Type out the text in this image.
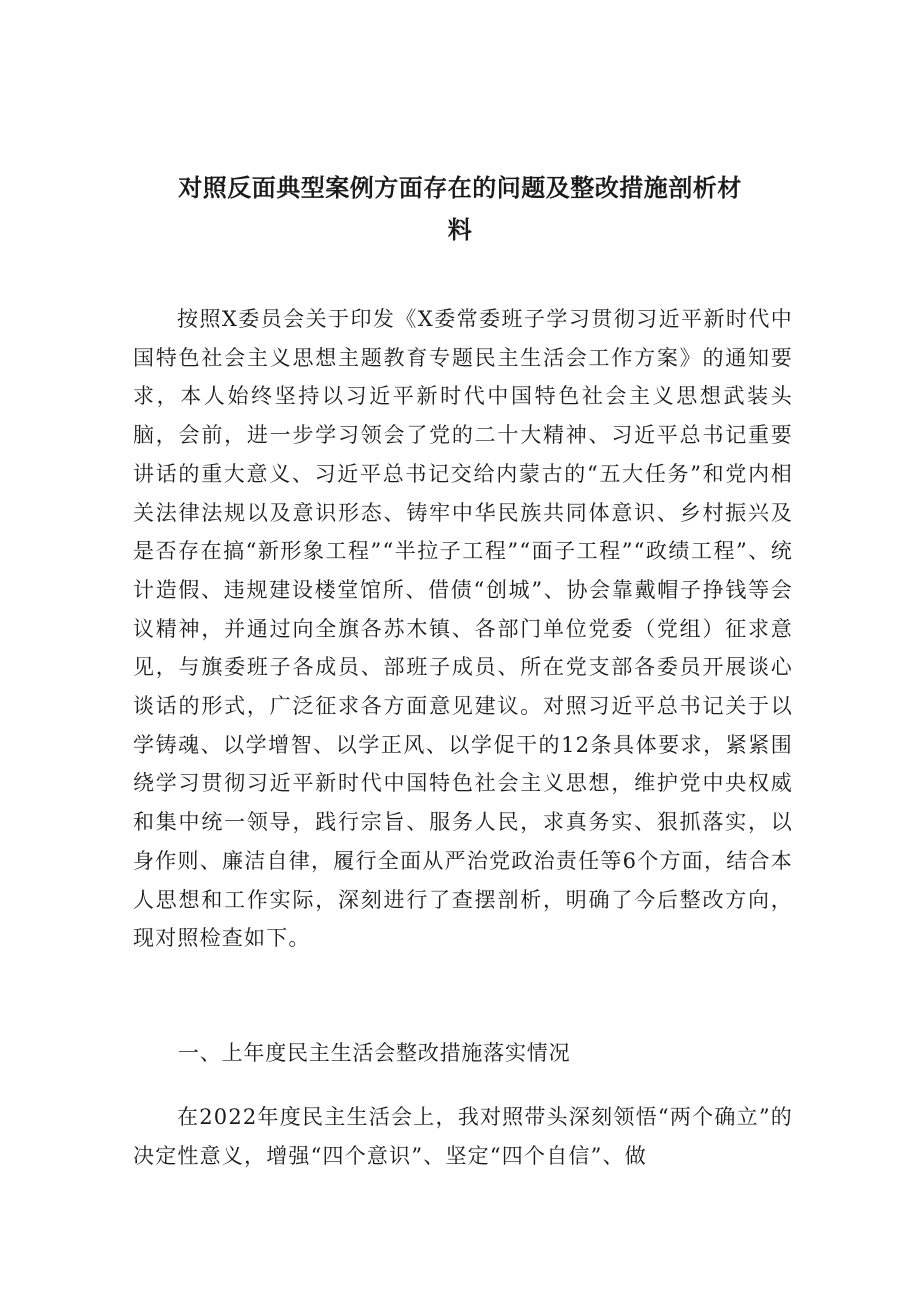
对照反面典型案例方面存在的问题及整改措施剖析材
料

按照X委员会关于印发《X委常委班子学习贯彻习近平新时代中国特色社会主义思想主题教育专题民主生活会工作方案》的通知要求，本人始终坚持以习近平新时代中国特色社会主义思想武装头脑，会前，进一步学习领会了党的二十大精神、习近平总书记重要讲话的重大意义、习近平总书记交给内蒙古的“五大任务”和党内相关法律法规以及意识形态、铸牢中华民族共同体意识、乡村振兴及是否存在搞“新形象工程”“半拉子工程”“面子工程”“政绩工程”、统计造假、违规建设楼堂馆所、借债“创城”、协会靠戴帽子挣钱等会议精神，并通过向全旗各苏木镇、各部门单位党委（党组）征求意见，与旗委班子各成员、部班子成员、所在党支部各委员开展谈心谈话的形式，广泛征求各方面意见建议。对照习近平总书记关于以学铸魂、以学增智、以学正风、以学促干的12条具体要求，紧紧围绕学习贯彻习近平新时代中国特色社会主义思想，维护党中央权威和集中统一领导，践行宗旨、服务人民，求真务实、狠抓落实，以身作则、廉洁自律，履行全面从严治党政治责任等6个方面，结合本人思想和工作实际，深刻进行了查摆剖析，明确了今后整改方向，现对照检查如下。

一、上年度民主生活会整改措施落实情况

在2022年度民主生活会上，我对照带头深刻领悟“两个确立”的决定性意义，增强“四个意识”、坚定“四个自信”、做
